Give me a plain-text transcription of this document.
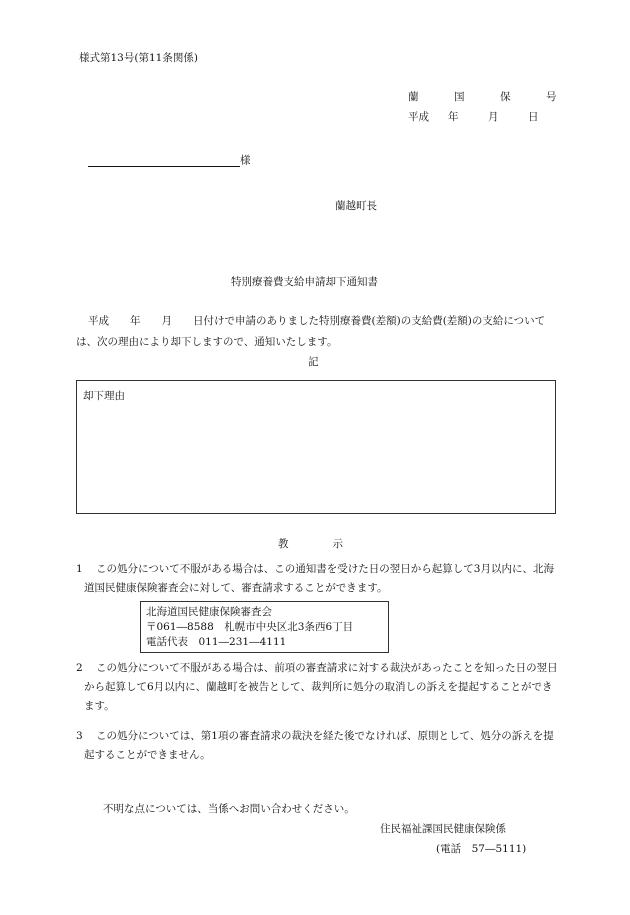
様式第13号(第11条関係)
蘭	国	保	号
平成 年	月	日
様
蘭越町長
特別療養費支給申請却下通知書
平成　　年　　月　　日付けで申請のありました特別療養費(差額)の支給費(差額)の支給については、次の理由により却下しますので、通知いたします。
記
却下理由
教示
1	この処分について不服がある場合は、この通知書を受けた日の翌日から起算して3月以内に、北海道国民健康保険審査会に対して、審査請求することができます。
北海道国民健康保険審査会
〒061―8588　札幌市中央区北3条西6丁目
電話代表　011―231―4111
2	この処分について不服がある場合は、前項の審査請求に対する裁決があったことを知った日の翌日から起算して6月以内に、蘭越町を被告として、裁判所に処分の取消しの訴えを提起することができます。
3	この処分については、第1項の審査請求の裁決を経た後でなければ、原則として、処分の訴えを提起することができません。
不明な点については、当係へお問い合わせください。
住民福祉課国民健康保険係
(電話　57―5111)
